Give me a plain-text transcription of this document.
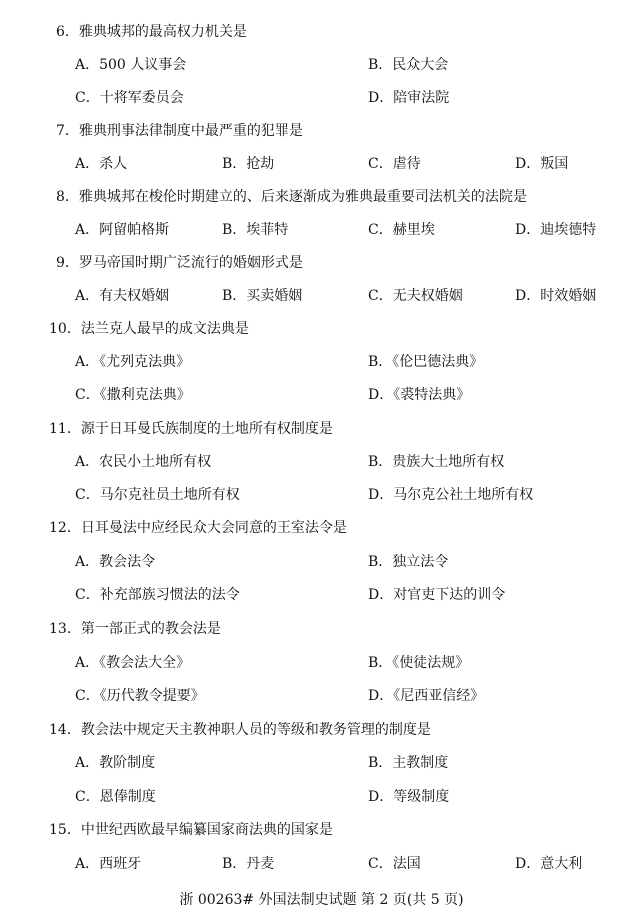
6．雅典城邦的最高权力机关是
A．500 人议事会	B．民众大会
C．十将军委员会	D．陪审法院
7．雅典刑事法律制度中最严重的犯罪是
A．杀人	B．抢劫	C．虐待	D．叛国
8．雅典城邦在梭伦时期建立的、后来逐渐成为雅典最重要司法机关的法院是
A．阿留帕格斯	B．埃菲特	C．赫里埃	D．迪埃德特
9．罗马帝国时期广泛流行的婚姻形式是
A．有夫权婚姻	B．买卖婚姻	C．无夫权婚姻	D．时效婚姻
10．法兰克人最早的成文法典是
A．《尤列克法典》	B．《伦巴德法典》
C．《撒利克法典》	D．《裘特法典》
11．源于日耳曼氏族制度的土地所有权制度是
A．农民小土地所有权	B．贵族大土地所有权
C．马尔克社员土地所有权	D．马尔克公社土地所有权
12．日耳曼法中应经民众大会同意的王室法令是
A．教会法令	B．独立法令
C．补充部族习惯法的法令	D．对官吏下达的训令
13．第一部正式的教会法是
A．《教会法大全》	B．《使徒法规》
C．《历代教令提要》	D．《尼西亚信经》
14．教会法中规定天主教神职人员的等级和教务管理的制度是
A．教阶制度	B．主教制度
C．恩俸制度	D．等级制度
15．中世纪西欧最早编纂国家商法典的国家是
A．西班牙	B．丹麦	C．法国	D．意大利
浙 00263# 外国法制史试题 第 2 页(共 5 页)
